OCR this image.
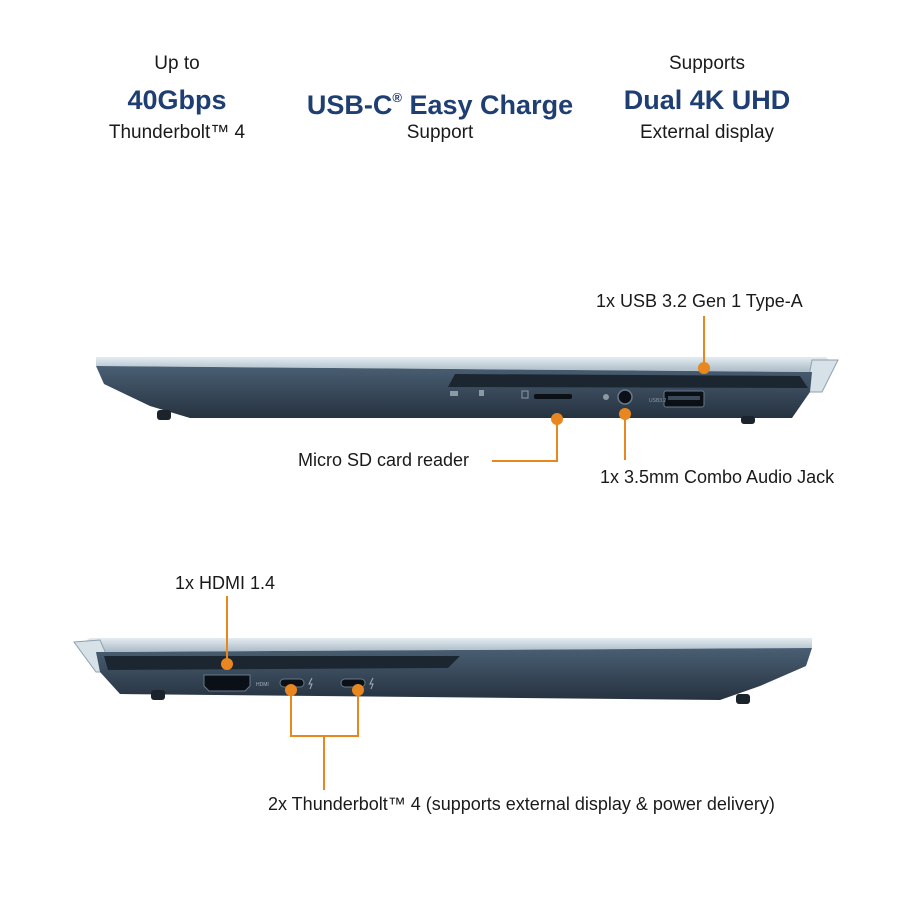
Up to
40Gbps
Thunderbolt™ 4
USB-C® Easy Charge
Support
Supports
Dual 4K UHD
External display
USB3.2
HDMI
1x USB 3.2 Gen 1 Type-A
Micro SD card reader
1x 3.5mm Combo Audio Jack
1x HDMI 1.4
2x Thunderbolt™ 4 (supports external display & power delivery)
